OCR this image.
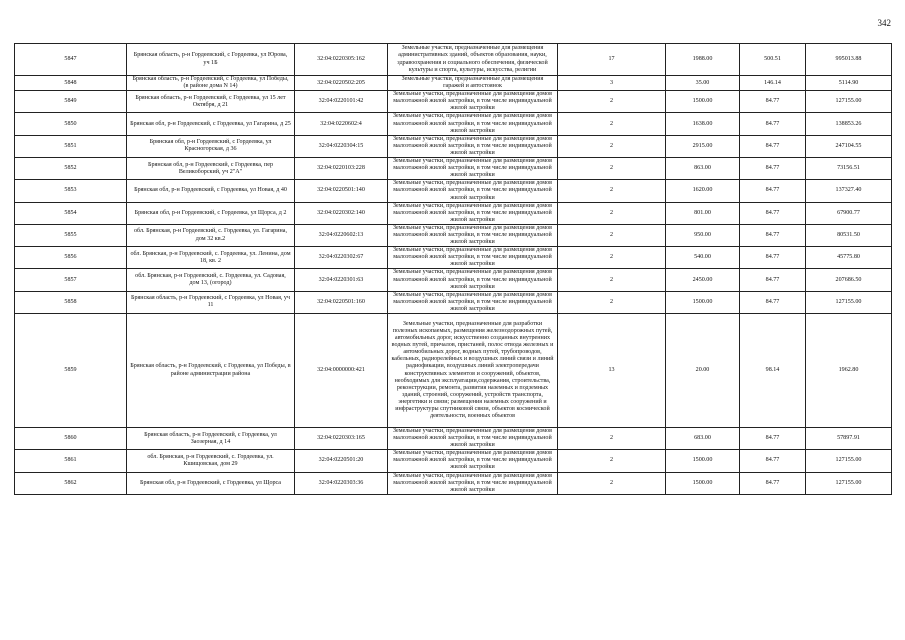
342
5847	Брянская область, р-н Гордеевский, с Гордеевка, ул Юрова, уч 1Б	32:04:0220305:162	Земельные участки, предназначенные для размещения административных зданий, объектов образования, науки, здравоохранения и социального обеспечения, физической культуры и спорта, культуры, искусства, религии	17	1988.00	500.51	995013.88
5848	Брянская область, р-н Гордеевский, с Гордеевка, ул Победы, (в районе дома N 14)	32:04:0220502:205	Земельные участки, предназначенные для размещения гаражей и автостоянок	3	35.00	146.14	5114.90
5849	Брянская область, р-н Гордеевский, с Гордеевка, ул 15 лет Октября, д 21	32:04:0220101:42	Земельные участки, предназначенные для размещения домов малоэтажной жилой застройки, в том числе индивидуальной жилой застройки	2	1500.00	84.77	127155.00
5850	Брянская обл, р-н Гордеевский, с Гордеевка, ул Гагарина, д 25	32:04:0220602:4	Земельные участки, предназначенные для размещения домов малоэтажной жилой застройки, в том числе индивидуальной жилой застройки	2	1638.00	84.77	138853.26
5851	Брянская обл, р-н Гордеевский, с Гордеевка, ул Красногорская, д 36	32:04:0220304:15	Земельные участки, предназначенные для размещения домов малоэтажной жилой застройки, в том числе индивидуальной жилой застройки	2	2915.00	84.77	247104.55
5852	Брянская обл, р-н Гордеевский, с Гордеевка, пер Великоборский, уч 2"А"	32:04:0220103:228	Земельные участки, предназначенные для размещения домов малоэтажной жилой застройки, в том числе индивидуальной жилой застройки	2	863.00	84.77	73156.51
5853	Брянская обл, р-н Гордеевский, с Гордеевка, ул Новая, д 40	32:04:0220501:140	Земельные участки, предназначенные для размещения домов малоэтажной жилой застройки, в том числе индивидуальной жилой застройки	2	1620.00	84.77	137327.40
5854	Брянская обл, р-н Гордеевский, с Гордеевка, ул Щорса, д 2	32:04:0220302:140	Земельные участки, предназначенные для размещения домов малоэтажной жилой застройки, в том числе индивидуальной жилой застройки	2	801.00	84.77	67900.77
5855	обл. Брянская, р-н Гордеевский, с. Гордеевка, ул. Гагарина, дом 32 кв.2	32:04:0220602:13	Земельные участки, предназначенные для размещения домов малоэтажной жилой застройки, в том числе индивидуальной жилой застройки	2	950.00	84.77	80531.50
5856	обл. Брянская, р-н Гордеевский, с. Гордеевка, ул. Ленина, дом 18, кв. 2	32:04:0220302:67	Земельные участки, предназначенные для размещения домов малоэтажной жилой застройки, в том числе индивидуальной жилой застройки	2	540.00	84.77	45775.80
5857	обл. Брянская, р-н Гордеевский, с. Гордеевка, ул. Садовая, дом 13, (огород)	32:04:0220301:63	Земельные участки, предназначенные для размещения домов малоэтажной жилой застройки, в том числе индивидуальной жилой застройки	2	2450.00	84.77	207686.50
5858	Брянская область, р-н Гордеевский, с Гордеевка, ул Новая, уч 11	32:04:0220501:160	Земельные участки, предназначенные для размещения домов малоэтажной жилой застройки, в том числе индивидуальной жилой застройки	2	1500.00	84.77	127155.00
5859	Брянская область, р-н Гордеевский, с Гордеевка, ул Победы, в районе администрации района	32:04:0000000:421	Земельные участки, предназначенные для разработки полезных ископаемых, размещения железнодорожных путей, автомобильных дорог, искусственно созданных внутренних водных путей, причалов, пристаней, полос отвода железных и автомобильных дорог, водных путей, трубопроводов, кабельных, радиорелейных и воздушных линий связи и линий радиофикации, воздушных линий электропередачи конструктивных элементов и сооружений, объектов, необходимых для эксплуатации,содержания, строительства, реконструкции, ремонта, развития наземных и подземных зданий, строений, сооружений, устройств транспорта, энергетики и связи; размещения наземных сооружений и инфраструктуры спутниковой связи, объектов космической деятельности, военных объектов	13	20.00	98.14	1962.80
5860	Брянская область, р-н Гордеевский, с Гордеевка, ул Заозерная, д 14	32:04:0220303:165	Земельные участки, предназначенные для размещения домов малоэтажной жилой застройки, в том числе индивидуальной жилой застройки	2	683.00	84.77	57897.91
5861	обл. Брянская, р-н Гордеевский, с. Гордеевка, ул. Кшищовская, дом 29	32:04:0220501:20	Земельные участки, предназначенные для размещения домов малоэтажной жилой застройки, в том числе индивидуальной жилой застройки	2	1500.00	84.77	127155.00
5862	Брянская обл, р-н Гордеевский, с Гордеевка, ул Щорса	32:04:0220303:36	Земельные участки, предназначенные для размещения домов малоэтажной жилой застройки, в том числе индивидуальной жилой застройки	2	1500.00	84.77	127155.00
